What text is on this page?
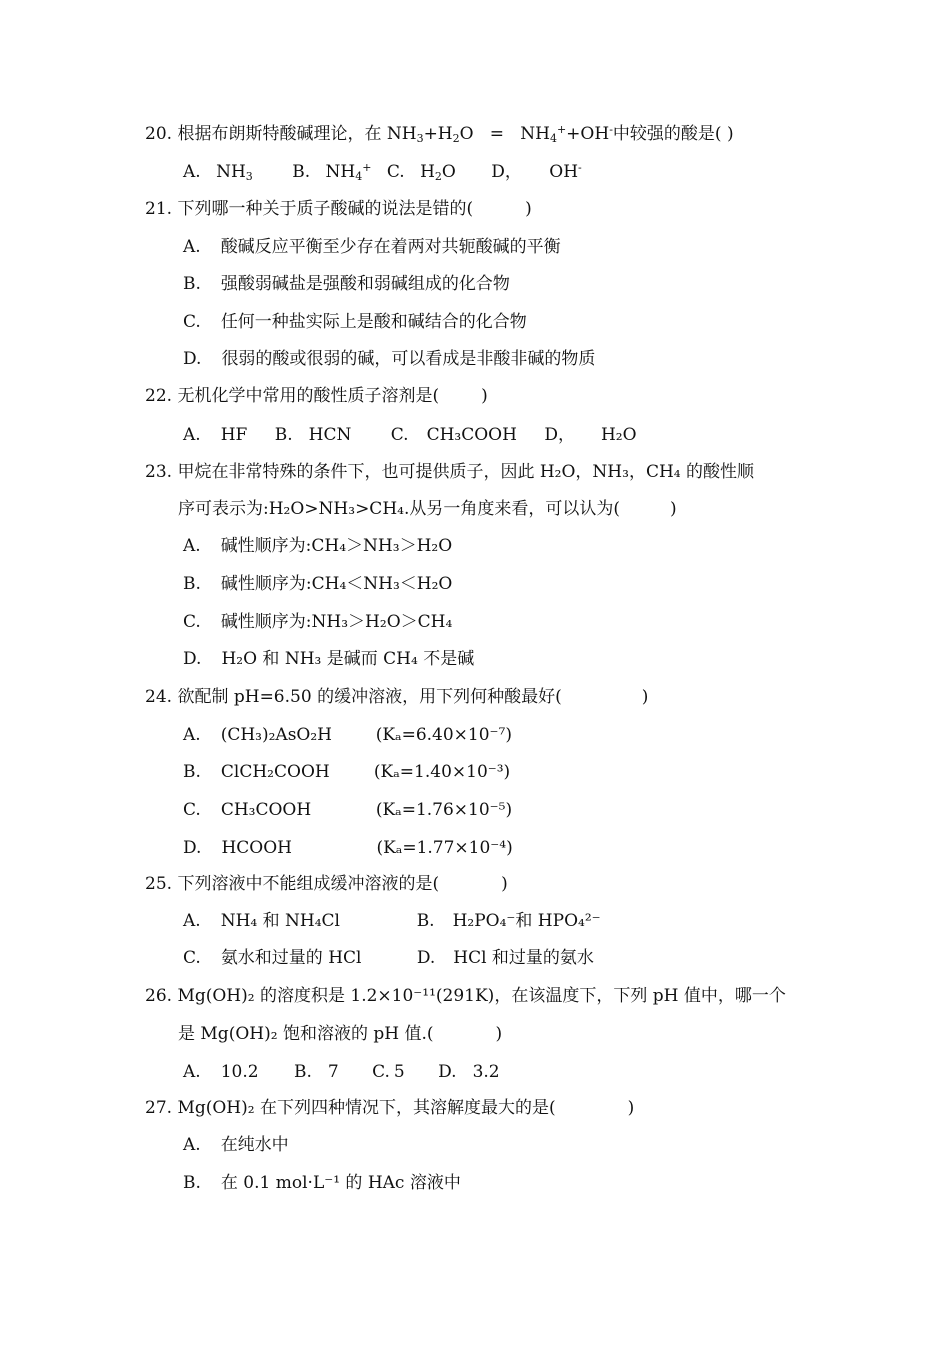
20. 根据布朗斯特酸碱理论，在 $NH_3+H_2O = NH_4^++OH^-$中较强的酸是( )
A. $NH_3$ B. $NH_4^+$ C. $H_2O$ D， OH-
21. 下列哪一种关于质子酸碱的说法是错的(	)
A. 酸碱反应平衡至少存在着两对共轭酸碱的平衡
B. 强酸弱碱盐是强酸和弱碱组成的化合物
C. 任何一种盐实际上是酸和碱结合的化合物
D. 很弱的酸或很弱的碱，可以看成是非酸非碱的物质
22. 无机化学中常用的酸性质子溶剂是( )
A. HF B. HCN C. CH₃COOH D， H₂O
23. 甲烷在非常特殊的条件下，也可提供质子，因此 H₂O，NH₃，CH₄ 的酸性顺
序可表示为:H₂O>NH₃>CH₄.从另一角度来看，可以认为(	)
A. 碱性顺序为:CH₄＞NH₃＞H₂O
B. 碱性顺序为:CH₄＜NH₃＜H₂O
C. 碱性顺序为:NH₃＞H₂O＞CH₄
D. H₂O 和 NH₃ 是碱而 CH₄ 不是碱
24. 欲配制 pH=6.50 的缓冲溶液，用下列何种酸最好(	)
A. (CH₃)₂AsO₂H	(Kₐ=6.40×10⁻⁷)
B. ClCH₂COOH	(Kₐ=1.40×10⁻³)
C. CH₃COOH	(Kₐ=1.76×10⁻⁵)
D. HCOOH	(Kₐ=1.77×10⁻⁴)
25. 下列溶液中不能组成缓冲溶液的是(	)
A. NH₄ 和 NH₄Cl	B. H₂PO₄⁻和 HPO₄²⁻
C. 氨水和过量的 HCl	D. HCl 和过量的氨水
26. Mg(OH)₂ 的溶度积是 1.2×10⁻¹¹(291K)，在该温度下，下列 pH 值中，哪一个
是 Mg(OH)₂ 饱和溶液的 pH 值.(	)
A. 10.2 B. 7 C. 5 D. 3.2
27. Mg(OH)₂ 在下列四种情况下，其溶解度最大的是(	)
A. 在纯水中
B. 在 0.1 mol·L⁻¹ 的 HAc 溶液中
